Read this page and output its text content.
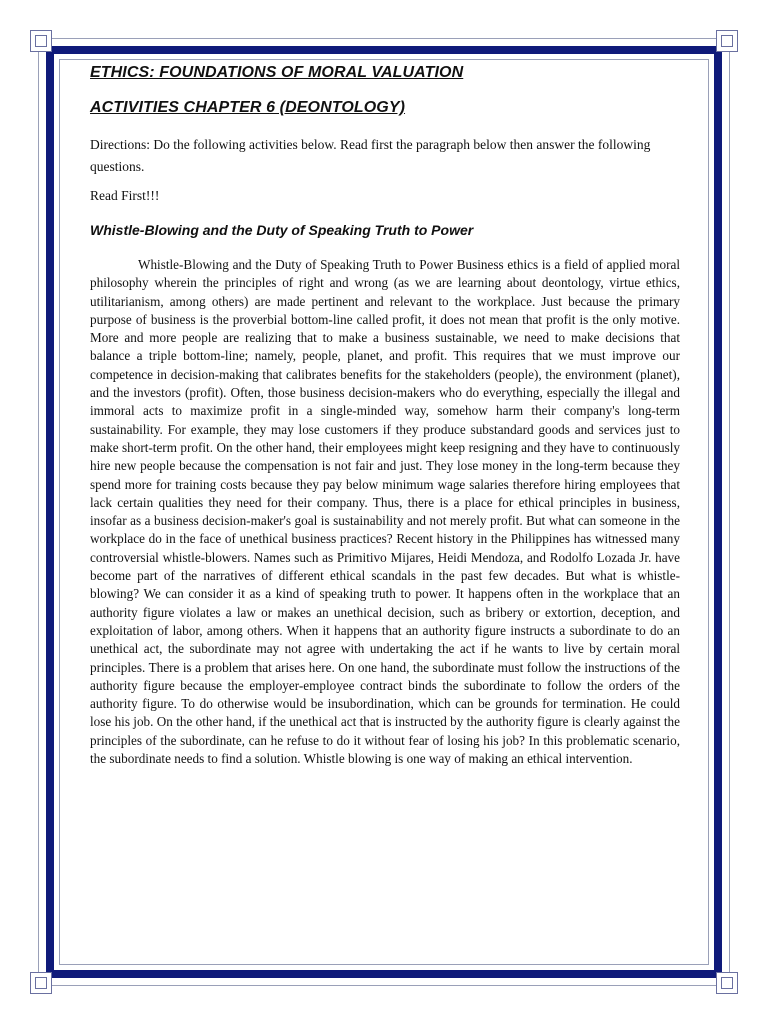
ETHICS: FOUNDATIONS OF MORAL VALUATION

ACTIVITIES CHAPTER 6 (DEONTOLOGY)

Directions: Do the following activities below. Read first the paragraph below then answer the following questions.

Read First!!!

Whistle-Blowing and the Duty of Speaking Truth to Power

Whistle-Blowing and the Duty of Speaking Truth to Power Business ethics is a field of applied moral philosophy wherein the principles of right and wrong (as we are learning about deontology, virtue ethics, utilitarianism, among others) are made pertinent and relevant to the workplace. Just because the primary purpose of business is the proverbial bottom-line called profit, it does not mean that profit is the only motive. More and more people are realizing that to make a business sustainable, we need to make decisions that balance a triple bottom-line; namely, people, planet, and profit. This requires that we must improve our competence in decision-making that calibrates benefits for the stakeholders (people), the environment (planet), and the investors (profit). Often, those business decision-makers who do everything, especially the illegal and immoral acts to maximize profit in a single-minded way, somehow harm their company's long-term sustainability. For example, they may lose customers if they produce substandard goods and services just to make short-term profit. On the other hand, their employees might keep resigning and they have to continuously hire new people because the compensation is not fair and just. They lose money in the long-term because they spend more for training costs because they pay below minimum wage salaries therefore hiring employees that lack certain qualities they need for their company. Thus, there is a place for ethical principles in business, insofar as a business decision-maker's goal is sustainability and not merely profit. But what can someone in the workplace do in the face of unethical business practices? Recent history in the Philippines has witnessed many controversial whistle-blowers. Names such as Primitivo Mijares, Heidi Mendoza, and Rodolfo Lozada Jr. have become part of the narratives of different ethical scandals in the past few decades. But what is whistle- blowing? We can consider it as a kind of speaking truth to power. It happens often in the workplace that an authority figure violates a law or makes an unethical decision, such as bribery or extortion, deception, and exploitation of labor, among others. When it happens that an authority figure instructs a subordinate to do an unethical act, the subordinate may not agree with undertaking the act if he wants to live by certain moral principles. There is a problem that arises here. On one hand, the subordinate must follow the instructions of the authority figure because the employer-employee contract binds the subordinate to follow the orders of the authority figure. To do otherwise would be insubordination, which can be grounds for termination. He could lose his job. On the other hand, if the unethical act that is instructed by the authority figure is clearly against the principles of the subordinate, can he refuse to do it without fear of losing his job? In this problematic scenario, the subordinate needs to find a solution. Whistle blowing is one way of making an ethical intervention.
